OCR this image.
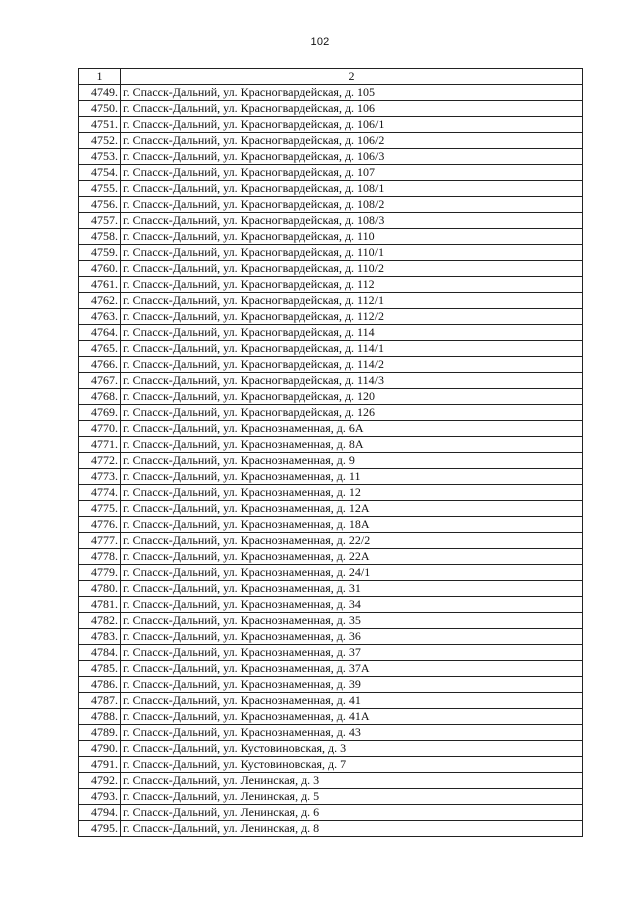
102
1	2
4749.	г. Спасск-Дальний, ул. Красногвардейская, д. 105
4750.	г. Спасск-Дальний, ул. Красногвардейская, д. 106
4751.	г. Спасск-Дальний, ул. Красногвардейская, д. 106/1
4752.	г. Спасск-Дальний, ул. Красногвардейская, д. 106/2
4753.	г. Спасск-Дальний, ул. Красногвардейская, д. 106/3
4754.	г. Спасск-Дальний, ул. Красногвардейская, д. 107
4755.	г. Спасск-Дальний, ул. Красногвардейская, д. 108/1
4756.	г. Спасск-Дальний, ул. Красногвардейская, д. 108/2
4757.	г. Спасск-Дальний, ул. Красногвардейская, д. 108/3
4758.	г. Спасск-Дальний, ул. Красногвардейская, д. 110
4759.	г. Спасск-Дальний, ул. Красногвардейская, д. 110/1
4760.	г. Спасск-Дальний, ул. Красногвардейская, д. 110/2
4761.	г. Спасск-Дальний, ул. Красногвардейская, д. 112
4762.	г. Спасск-Дальний, ул. Красногвардейская, д. 112/1
4763.	г. Спасск-Дальний, ул. Красногвардейская, д. 112/2
4764.	г. Спасск-Дальний, ул. Красногвардейская, д. 114
4765.	г. Спасск-Дальний, ул. Красногвардейская, д. 114/1
4766.	г. Спасск-Дальний, ул. Красногвардейская, д. 114/2
4767.	г. Спасск-Дальний, ул. Красногвардейская, д. 114/3
4768.	г. Спасск-Дальний, ул. Красногвардейская, д. 120
4769.	г. Спасск-Дальний, ул. Красногвардейская, д. 126
4770.	г. Спасск-Дальний, ул. Краснознаменная, д. 6А
4771.	г. Спасск-Дальний, ул. Краснознаменная, д. 8А
4772.	г. Спасск-Дальний, ул. Краснознаменная, д. 9
4773.	г. Спасск-Дальний, ул. Краснознаменная, д. 11
4774.	г. Спасск-Дальний, ул. Краснознаменная, д. 12
4775.	г. Спасск-Дальний, ул. Краснознаменная, д. 12А
4776.	г. Спасск-Дальний, ул. Краснознаменная, д. 18А
4777.	г. Спасск-Дальний, ул. Краснознаменная, д. 22/2
4778.	г. Спасск-Дальний, ул. Краснознаменная, д. 22А
4779.	г. Спасск-Дальний, ул. Краснознаменная, д. 24/1
4780.	г. Спасск-Дальний, ул. Краснознаменная, д. 31
4781.	г. Спасск-Дальний, ул. Краснознаменная, д. 34
4782.	г. Спасск-Дальний, ул. Краснознаменная, д. 35
4783.	г. Спасск-Дальний, ул. Краснознаменная, д. 36
4784.	г. Спасск-Дальний, ул. Краснознаменная, д. 37
4785.	г. Спасск-Дальний, ул. Краснознаменная, д. 37А
4786.	г. Спасск-Дальний, ул. Краснознаменная, д. 39
4787.	г. Спасск-Дальний, ул. Краснознаменная, д. 41
4788.	г. Спасск-Дальний, ул. Краснознаменная, д. 41А
4789.	г. Спасск-Дальний, ул. Краснознаменная, д. 43
4790.	г. Спасск-Дальний, ул. Кустовиновская, д. 3
4791.	г. Спасск-Дальний, ул. Кустовиновская, д. 7
4792.	г. Спасск-Дальний, ул. Ленинская, д. 3
4793.	г. Спасск-Дальний, ул. Ленинская, д. 5
4794.	г. Спасск-Дальний, ул. Ленинская, д. 6
4795.	г. Спасск-Дальний, ул. Ленинская, д. 8
